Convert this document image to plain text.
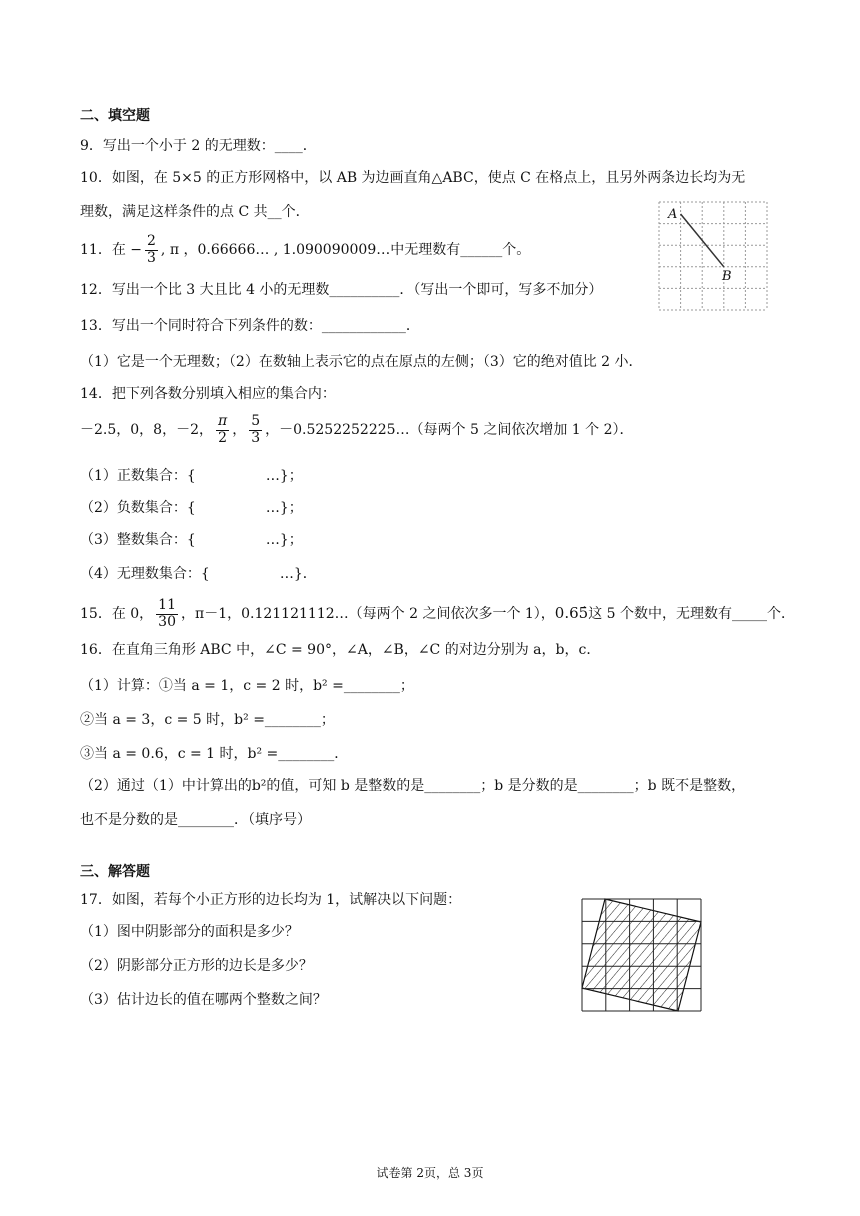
二、填空题
9．写出一个小于 2 的无理数：____．
10．如图，在 5×5 的正方形网格中，以 AB 为边画直角△ABC，使点 C 在格点上，且另外两条边长均为无
理数，满足这样条件的点 C 共__个．	A
B
11．在 − $\frac{2}{3}$ , π ，0.66666… , 1.090090009…中无理数有______个。
12．写出一个比 3 大且比 4 小的无理数__________．（写出一个即可，写多不加分）
13．写出一个同时符合下列条件的数：____________．
（1）它是一个无理数；（2）在数轴上表示它的点在原点的左侧；（3）它的绝对值比 2 小．
14．把下列各数分别填入相应的集合内：
－2.5，0，8，－2， $\frac{\pi}{2}$ ， $\frac{5}{3}$ ，－0.5252252225…（每两个 5 之间依次增加 1 个 2）．
（1）正数集合：{　　　　　…}；
（2）负数集合：{　　　　　…}；
（3）整数集合：{　　　　　…}；
（4）无理数集合：{　　　　　…}．
15．在 0， $\frac{11}{30}$ ，π－1，0.121121112…（每两个 2 之间依次多一个 1），0.65̇这 5 个数中，无理数有_____个．
16．在直角三角形 ABC 中，∠C = 90°，∠A，∠B，∠C 的对边分别为 a，b，c．
（1）计算：①当 a = 1，c = 2 时，b² =________；
②当 a = 3，c = 5 时，b² =________；
③当 a = 0.6，c = 1 时，b² =________．
（2）通过（1）中计算出的b²的值，可知 b 是整数的是________；b 是分数的是________；b 既不是整数，
也不是分数的是________．（填序号）
三、解答题
17．如图，若每个小正方形的边长均为 1，试解决以下问题：
（1）图中阴影部分的面积是多少？
（2）阴影部分正方形的边长是多少？
（3）估计边长的值在哪两个整数之间？
试卷第 2页，总 3页
